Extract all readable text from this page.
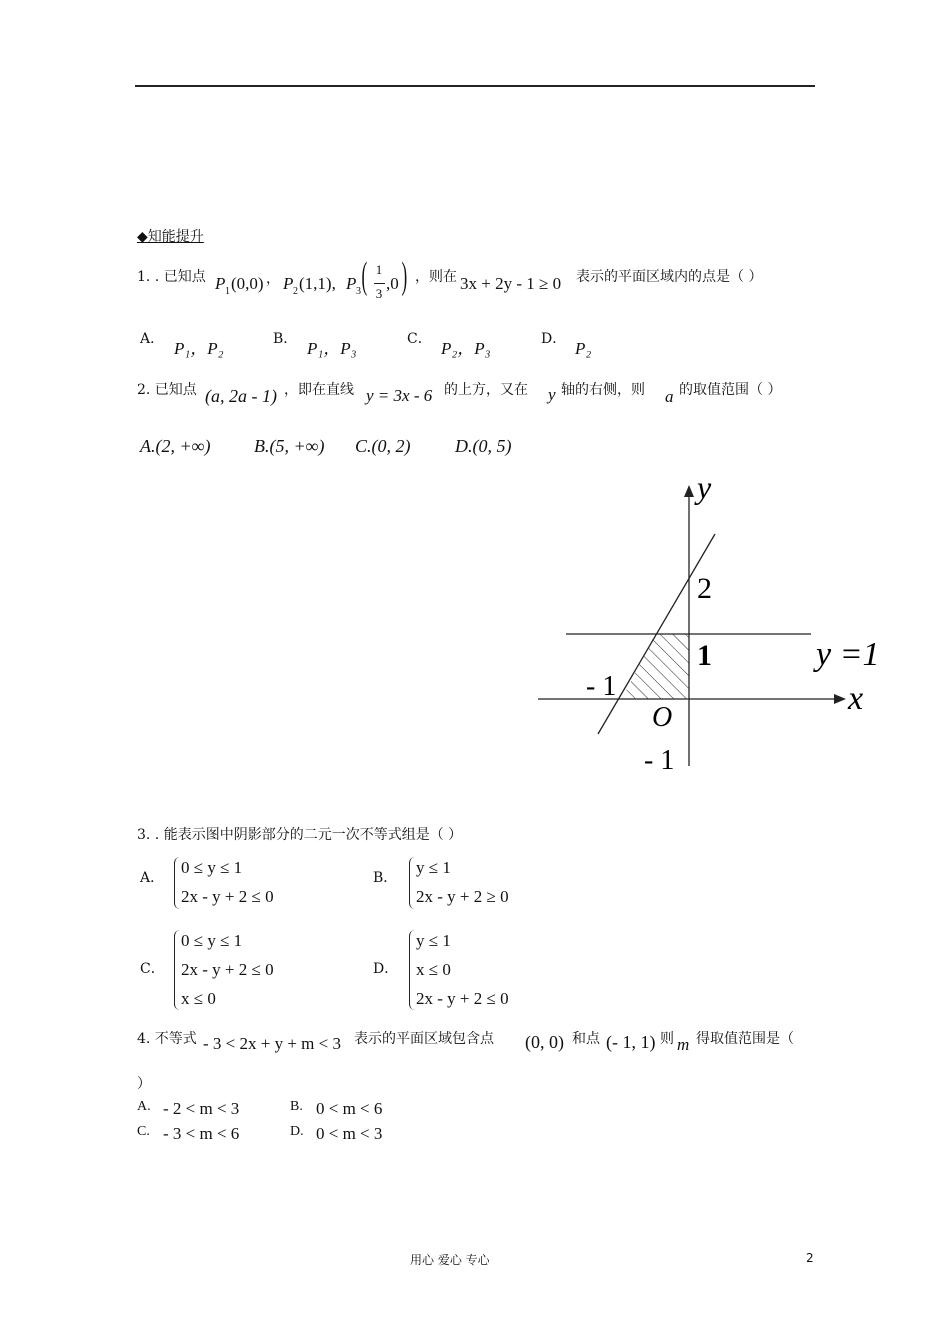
◆知能提升
1. . 已知点 P 1 (0,0) ， P 2 (1,1), P 3 ( 1
3
,0 ) ，则在 3x + 2y - 1 ≥ 0 表示的平面区域内的点是（ ）
A． P₁，P₂	B． P₁，P₃	C． P₂，P₃	D． P₂
2. 已知点 (a, 2a - 1) ，即在直线 y = 3x - 6 的上方，又在 y 轴的右侧，则 a 的取值范围（ ）
A.(2, +∞) B.(5, +∞) C.(0, 2) D.(0, 5)
y
x
2
1
- 1
O
- 1
y =1
3. . 能表示图中阴影部分的二元一次不等式组是（ ）
A．
0 ≤ y ≤ 1
2x - y + 2 ≤ 0
B．
y ≤ 1
2x - y + 2 ≥ 0
C．
0 ≤ y ≤ 1
2x - y + 2 ≤ 0
x ≤ 0
D．
y ≤ 1
x ≤ 0
2x - y + 2 ≤ 0
4. 不等式 - 3 < 2x + y + m < 3 表示的平面区域包含点 (0, 0) 和点 (- 1, 1) 则 m 得取值范围是（
）
A. - 2 < m < 3	B. 0 < m < 6
C. - 3 < m < 6	D. 0 < m < 3
用心 爱心 专心	2
